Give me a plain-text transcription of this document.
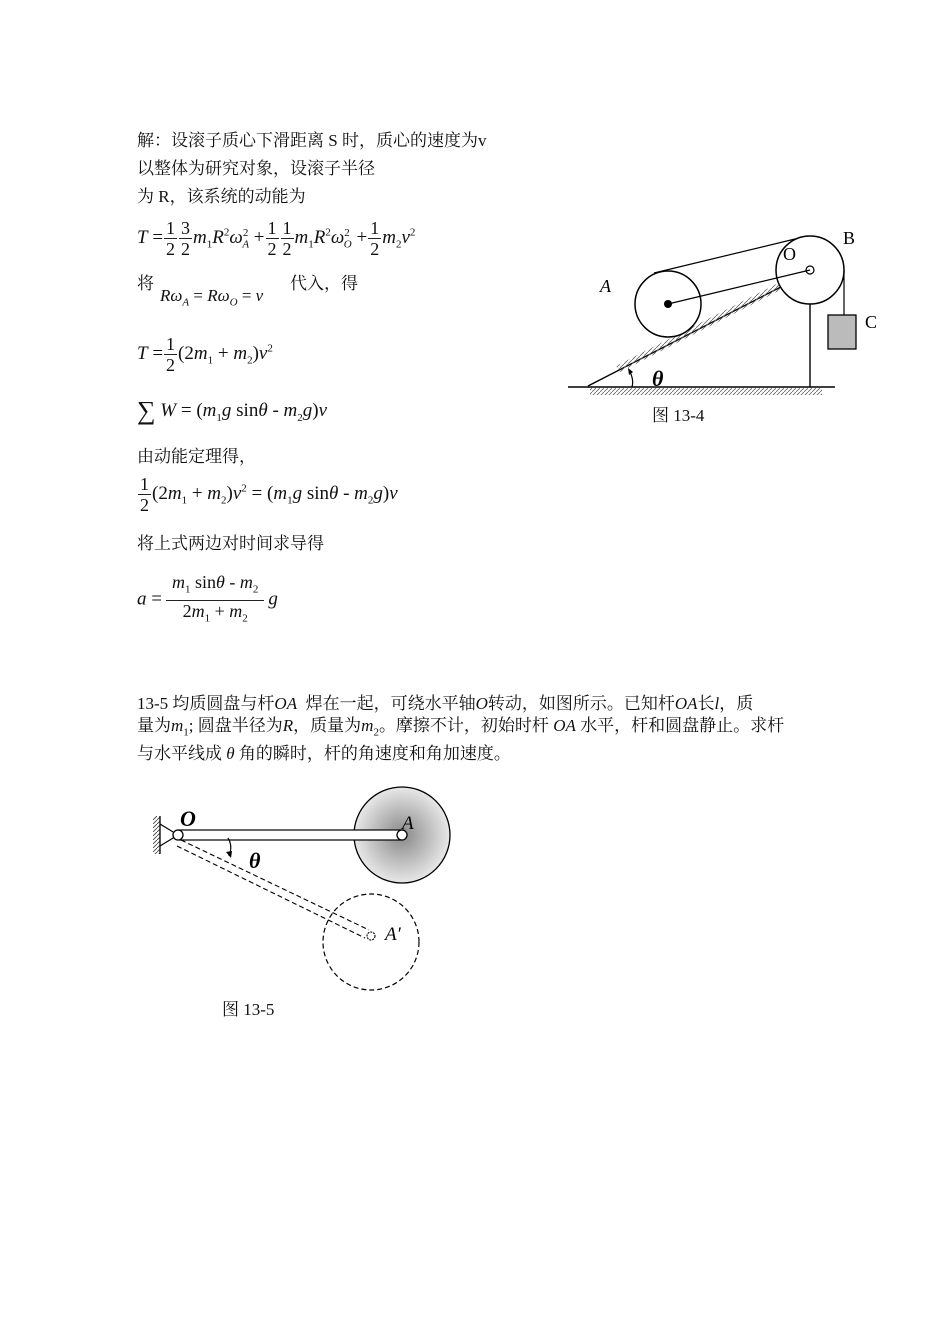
解：设滚子质心下滑距离 S 时，质心的速度为v
以整体为研究对象，设滚子半径
为 R，该系统的动能为
$T = \frac{1}{2} \frac{3}{2} m_1R^2\omega^2_A + \frac{1}{2} \frac{1}{2} m_1R^2\omega^2_O + \frac{1}{2} m_2v^2$
将
$R\omega_A = R\omega_O = v$
代入，得
$T = \frac{1}{2} (2m_1 + m_2)v^2$
∑ $W = (m_1g$ sinθ - $m_2g)v$
由动能定理得，
$\frac{1}{2} (2m_1 + m_2)v^2 = (m_1g$ sinθ - $m_2g)v$
将上式两边对时间求导得
$a = \frac{m_1 \sin\theta - m_2}{2m_1 + m_2}$ g
A
O
B
C
θ
图 13-4
13-5 均质圆盘与杆OA 焊在一起，可绕水平轴O转动，如图所示。已知杆OA长l，质
量为$m_1$; 圆盘半径为R，质量为$m_2$。摩擦不计，初始时杆 OA 水平，杆和圆盘静止。求杆
与水平线成 θ 角的瞬时，杆的角速度和角加速度。
O	A
θ
A′
图 13-5
